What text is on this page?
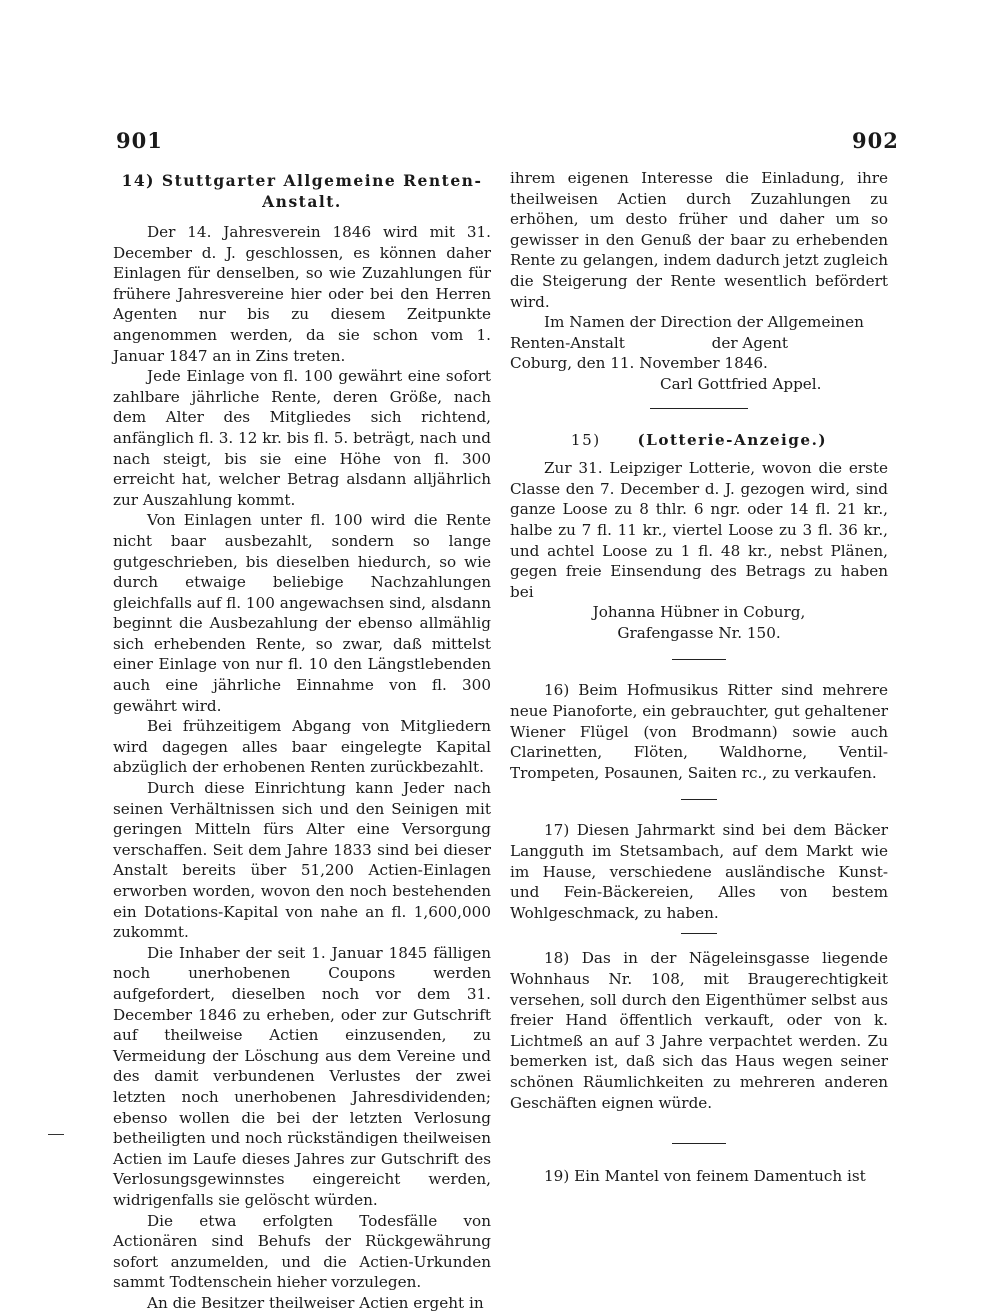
901	902
14) Stuttgarter Allgemeine Renten-Anstalt.

Der 14. Jahresverein 1846 wird mit 31. December d. J. geschlossen, es können daher Einlagen für denselben, so wie Zuzahlungen für frühere Jahresvereine hier oder bei den Herren Agenten nur bis zu diesem Zeitpunkte angenommen werden, da sie schon vom 1. Januar 1847 an in Zins treten.

Jede Einlage von fl. 100 gewährt eine sofort zahlbare jährliche Rente, deren Größe, nach dem Alter des Mitgliedes sich richtend, anfänglich fl. 3. 12 kr. bis fl. 5. beträgt, nach und nach steigt, bis sie eine Höhe von fl. 300 erreicht hat, welcher Betrag alsdann alljährlich zur Auszahlung kommt.

Von Einlagen unter fl. 100 wird die Rente nicht baar ausbezahlt, sondern so lange gutgeschrieben, bis dieselben hiedurch, so wie durch etwaige beliebige Nachzahlungen gleichfalls auf fl. 100 angewachsen sind, alsdann beginnt die Ausbezahlung der ebenso allmählig sich erhebenden Rente, so zwar, daß mittelst einer Einlage von nur fl. 10 den Längstlebenden auch eine jährliche Einnahme von fl. 300 gewährt wird.

Bei frühzeitigem Abgang von Mitgliedern wird dagegen alles baar eingelegte Kapital abzüglich der erhobenen Renten zurückbezahlt.

Durch diese Einrichtung kann Jeder nach seinen Verhältnissen sich und den Seinigen mit geringen Mitteln fürs Alter eine Versorgung verschaffen. Seit dem Jahre 1833 sind bei dieser Anstalt bereits über 51,200 Actien-Einlagen erworben worden, wovon den noch bestehenden ein Dotations-Kapital von nahe an fl. 1,600,000 zukommt.

Die Inhaber der seit 1. Januar 1845 fälligen noch unerhobenen Coupons werden aufgefordert, dieselben noch vor dem 31. December 1846 zu erheben, oder zur Gutschrift auf theilweise Actien einzusenden, zu Vermeidung der Löschung aus dem Vereine und des damit verbundenen Verlustes der zwei letzten noch unerhobenen Jahresdividenden; ebenso wollen die bei der letzten Verlosung betheiligten und noch rückständigen theilweisen Actien im Laufe dieses Jahres zur Gutschrift des Verlosungsgewinnstes eingereicht werden, widrigenfalls sie gelöscht würden.

Die etwa erfolgten Todesfälle von Actionären sind Behufs der Rückgewährung sofort anzumelden, und die Actien-Urkunden sammt Todtenschein hieher vorzulegen.

An die Besitzer theilweiser Actien ergeht in

ihrem eigenen Interesse die Einladung, ihre theilweisen Actien durch Zuzahlungen zu erhöhen, um desto früher und daher um so gewisser in den Genuß der baar zu erhebenden Rente zu gelangen, indem dadurch jetzt zugleich die Steigerung der Rente wesentlich befördert wird.

Im Namen der Direction der Allgemeinen

Renten-Anstalt	der Agent

Coburg, den 11. November 1846.

Carl Gottfried Appel.

15) (Lotterie-Anzeige.)

Zur 31. Leipziger Lotterie, wovon die erste Classe den 7. December d. J. gezogen wird, sind ganze Loose zu 8 thlr. 6 ngr. oder 14 fl. 21 kr., halbe zu 7 fl. 11 kr., viertel Loose zu 3 fl. 36 kr., und achtel Loose zu 1 fl. 48 kr., nebst Plänen, gegen freie Einsendung des Betrags zu haben bei

Johanna Hübner in Coburg,

Grafengasse Nr. 150.

16) Beim Hofmusikus Ritter sind mehrere neue Pianoforte, ein gebrauchter, gut gehaltener Wiener Flügel (von Brodmann) sowie auch Clarinetten, Flöten, Waldhorne, Ventil-Trompeten, Posaunen, Saiten rc., zu verkaufen.

17) Diesen Jahrmarkt sind bei dem Bäcker Langguth im Stetsambach, auf dem Markt wie im Hause, verschiedene ausländische Kunst- und Fein-Bäckereien, Alles von bestem Wohlgeschmack, zu haben.

18) Das in der Nägeleinsgasse liegende Wohnhaus Nr. 108, mit Braugerechtigkeit versehen, soll durch den Eigenthümer selbst aus freier Hand öffentlich verkauft, oder von k. Lichtmeß an auf 3 Jahre verpachtet werden. Zu bemerken ist, daß sich das Haus wegen seiner schönen Räumlichkeiten zu mehreren anderen Geschäften eignen würde.

19) Ein Mantel von feinem Damentuch ist
